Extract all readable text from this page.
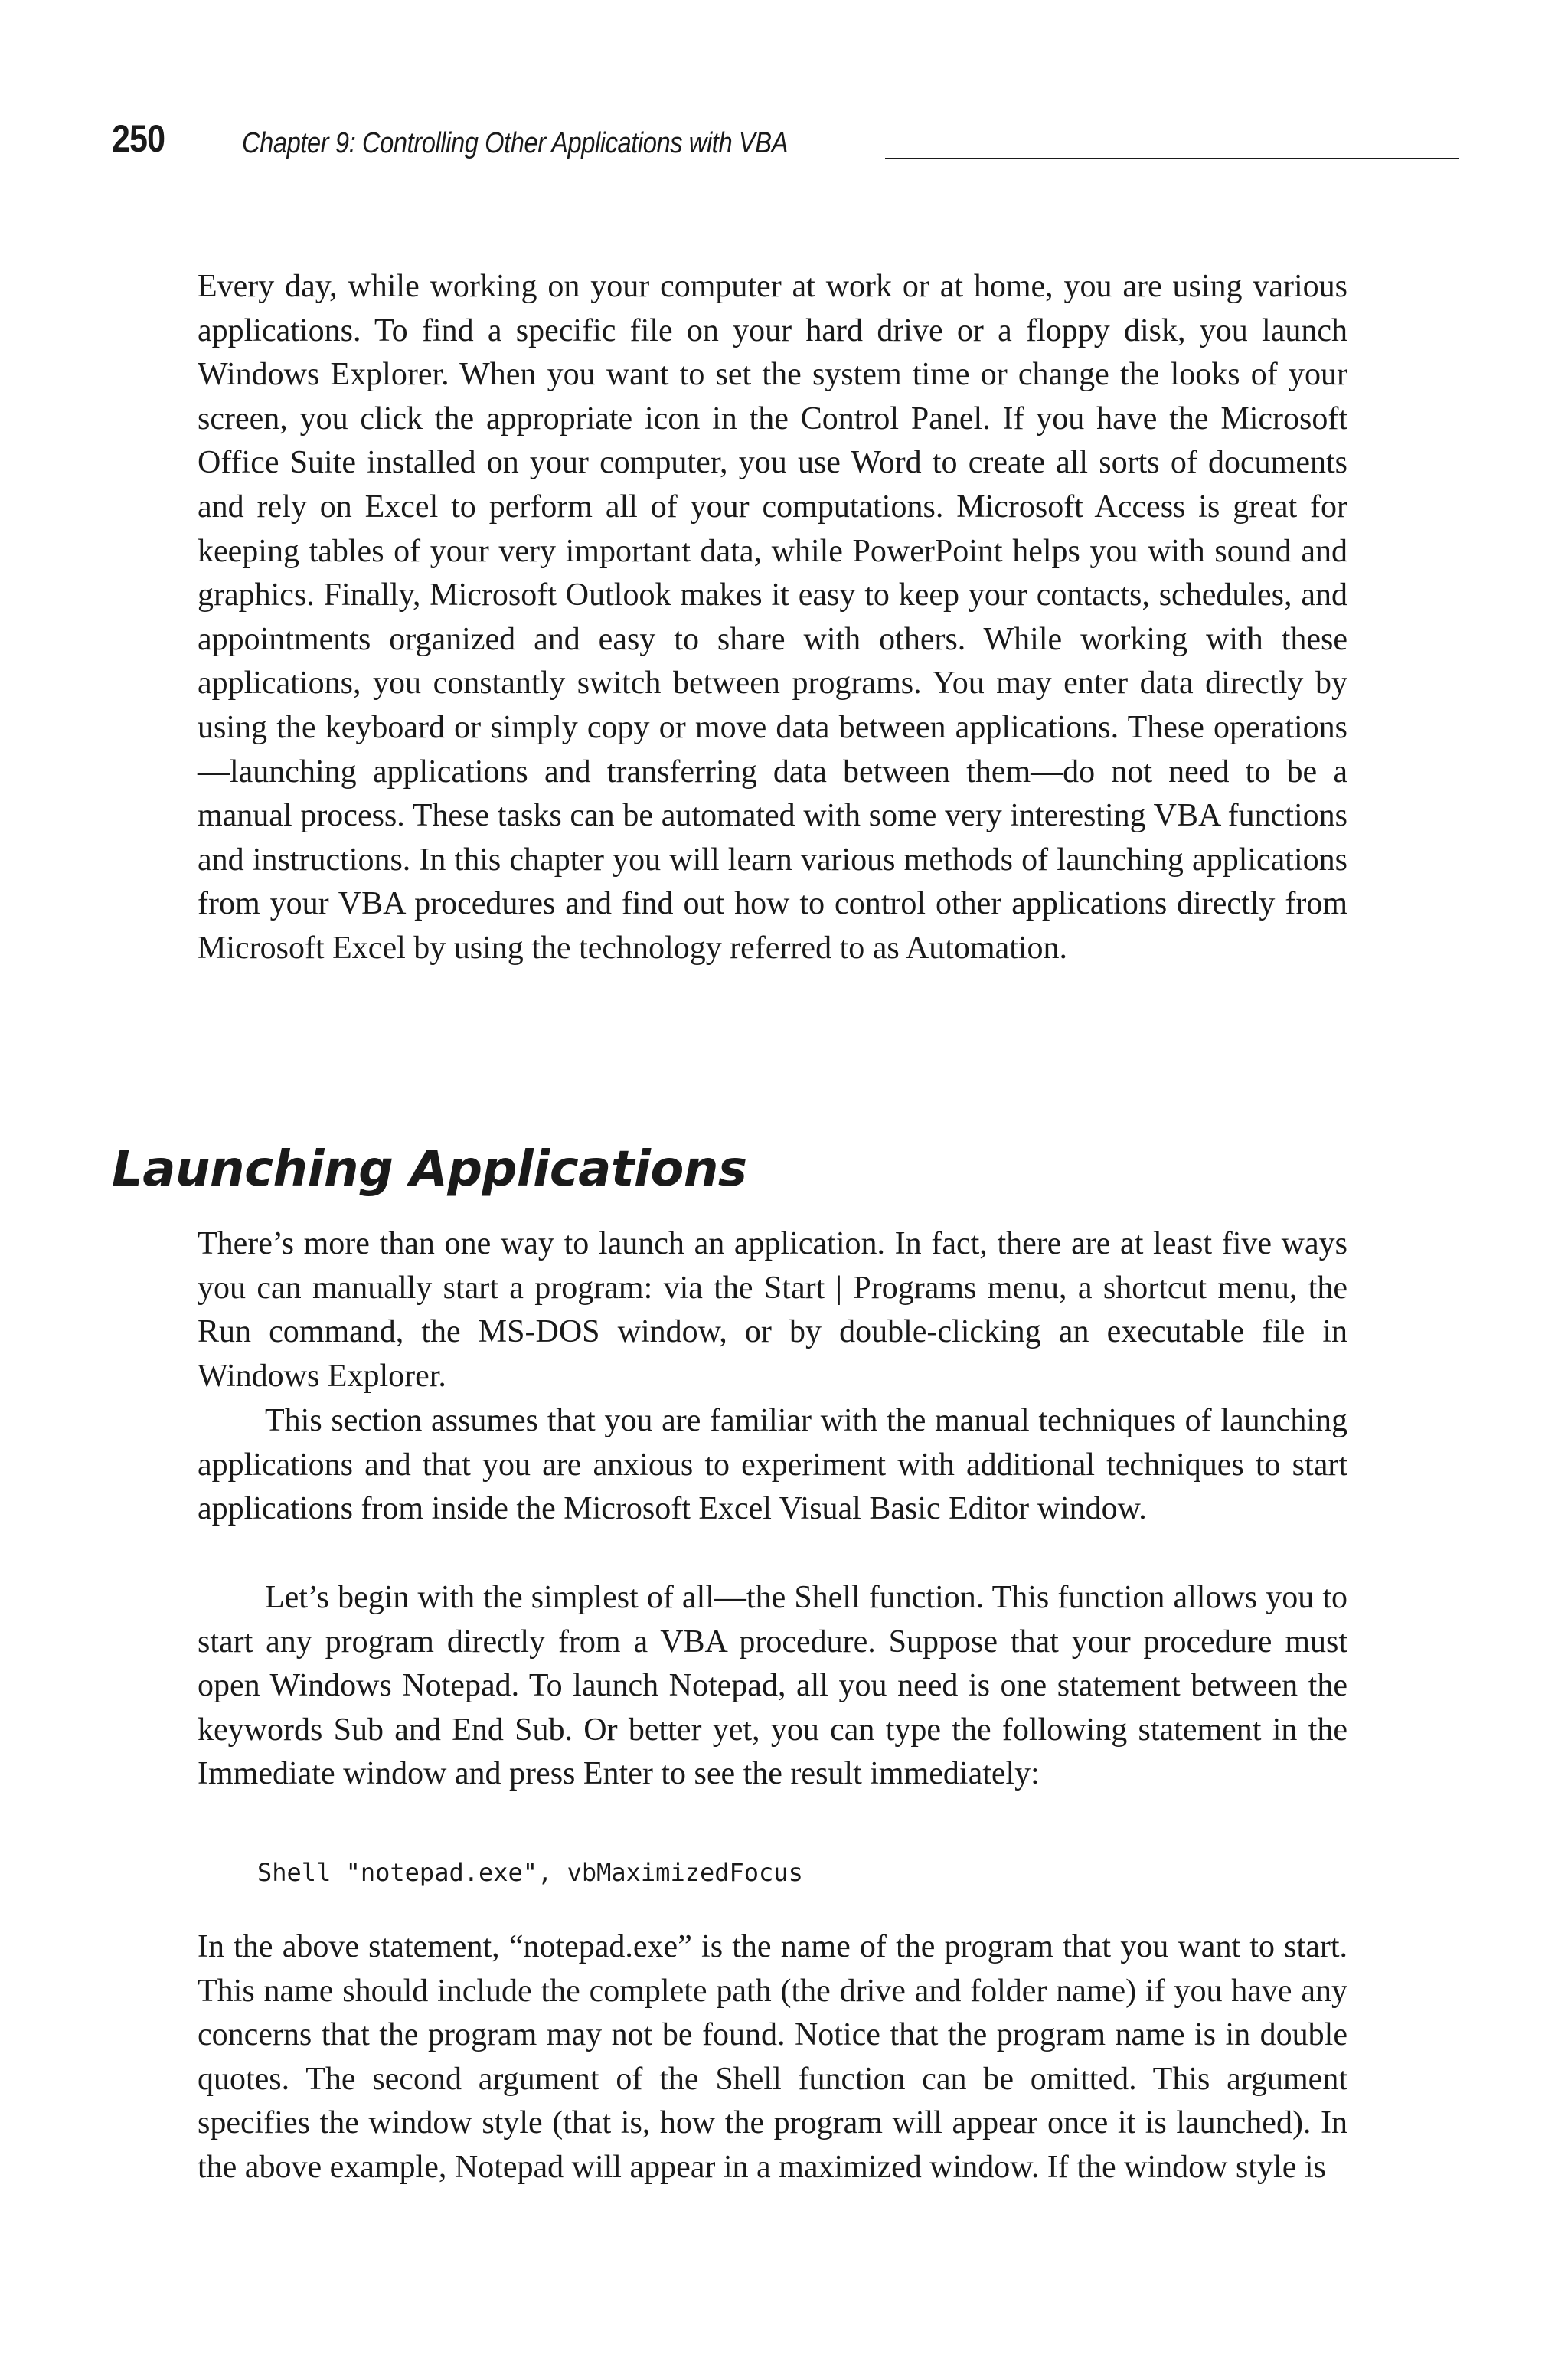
250	Chapter 9: Controlling Other Applications with VBA

Every day, while working on your computer at work or at home, you are using various applications. To find a specific file on your hard drive or a floppy disk, you launch Windows Explorer. When you want to set the system time or change the looks of your screen, you click the appropriate icon in the Control Panel. If you have the Microsoft Office Suite installed on your computer, you use Word to create all sorts of documents and rely on Excel to perform all of your computations. Microsoft Access is great for keeping tables of your very important data, while PowerPoint helps you with sound and graphics. Finally, Microsoft Outlook makes it easy to keep your contacts, schedules, and appointments organized and easy to share with others. While working with these applications, you constantly switch between programs. You may enter data directly by using the keyboard or simply copy or move data between applications. These operations—launching applications and transferring data between them—do not need to be a manual process. These tasks can be automated with some very interesting VBA functions and instructions. In this chapter you will learn various methods of launching applications from your VBA procedures and find out how to control other applications directly from Microsoft Excel by using the technology referred to as Automation.

Launching Applications

There’s more than one way to launch an application. In fact, there are at least five ways you can manually start a program: via the Start | Programs menu, a shortcut menu, the Run command, the MS-DOS window, or by double-clicking an executable file in Windows Explorer.

This section assumes that you are familiar with the manual techniques of launching applications and that you are anxious to experiment with additional techniques to start applications from inside the Microsoft Excel Visual Basic Editor window.

Let’s begin with the simplest of all—the Shell function. This function allows you to start any program directly from a VBA procedure. Suppose that your procedure must open Windows Notepad. To launch Notepad, all you need is one statement between the keywords Sub and End Sub. Or better yet, you can type the following statement in the Immediate window and press Enter to see the result immediately:

Shell "notepad.exe", vbMaximizedFocus

In the above statement, “notepad.exe” is the name of the program that you want to start. This name should include the complete path (the drive and folder name) if you have any concerns that the program may not be found. Notice that the program name is in double quotes. The second argument of the Shell function can be omitted. This argument specifies the window style (that is, how the program will appear once it is launched). In the above example, Notepad will appear in a maximized window. If the window style is
